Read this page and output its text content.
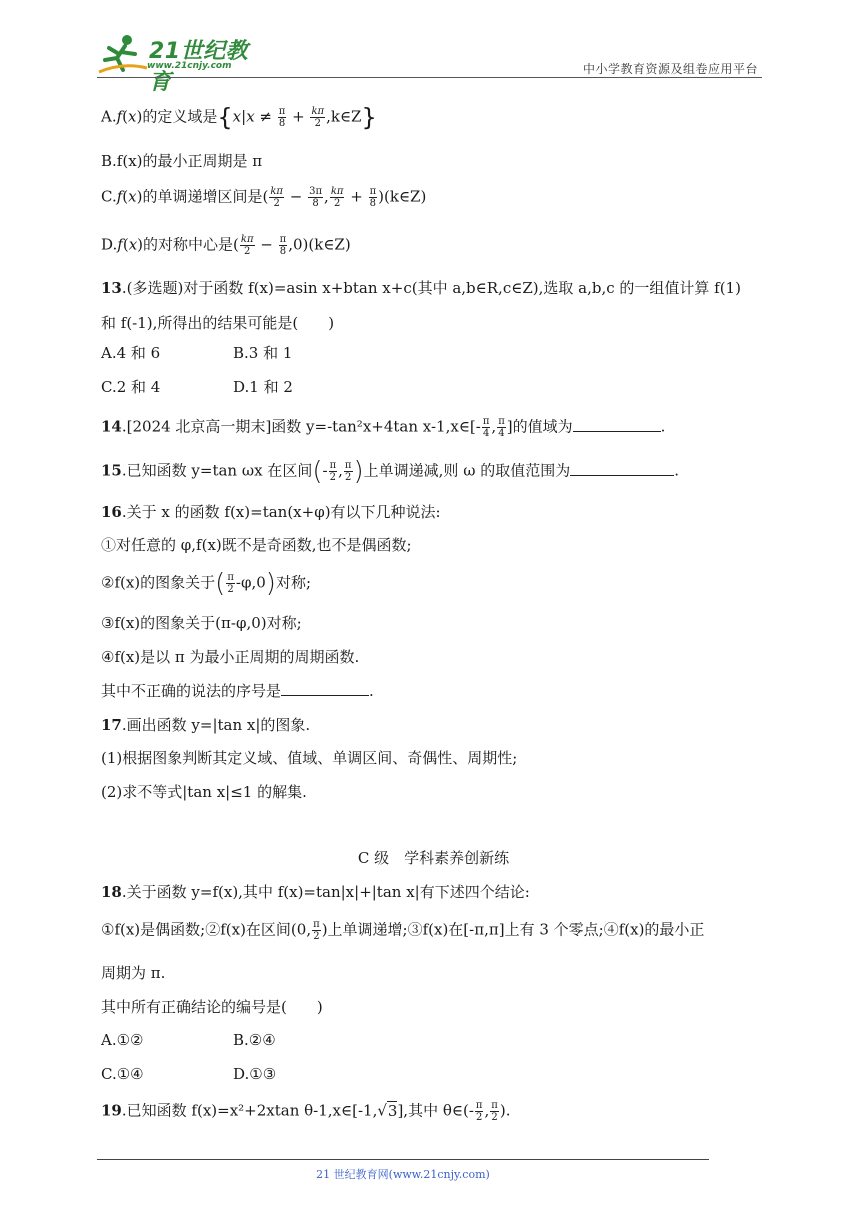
21世纪教育
www.21cnjy.com	中小学教育资源及组卷应用平台
A.f(x)的定义域是{$x|x \ne \frac{\pi}{8} + \frac{k\pi}{2}$ ,k∈Z}
B.f(x)的最小正周期是 π
C.f(x)的单调递增区间是( $\frac{k\pi}{2} - \frac{3\pi}{8}$ , $\frac{k\pi}{2} + \frac{\pi}{8}$ )(k∈Z)
D.f(x)的对称中心是( $\frac{k\pi}{2} - \frac{\pi}{8}$ ,0)(k∈Z)
13.(多选题)对于函数 f(x)=asin x+btan x+c(其中 a,b∈R,c∈Z),选取 a,b,c 的一组值计算 f(1)
和 f(-1),所得出的结果可能是(　　)
A.4 和 6	B.3 和 1
C.2 和 4	D.1 和 2
14.[2024 北京高一期末]函数 y=-tan²x+4tan x-1,x∈[- $\frac{\pi}{4}$ , $\frac{\pi}{4}$ ]的值域为	.
15.已知函数 y=tan ωx 在区间(- $\frac{\pi}{2}$ , $\frac{\pi}{2}$ )上单调递减,则 ω 的取值范围为	.
16.关于 x 的函数 f(x)=tan(x+φ)有以下几种说法:
①对任意的 φ,f(x)既不是奇函数,也不是偶函数;
②f(x)的图象关于( $\frac{\pi}{2} -\varphi,0$)对称;
③f(x)的图象关于(π-φ,0)对称;
④f(x)是以 π 为最小正周期的周期函数.
其中不正确的说法的序号是	.
17.画出函数 y=|tan x|的图象.
(1)根据图象判断其定义域、值域、单调区间、奇偶性、周期性;
(2)求不等式|tan x|≤1 的解集.
C 级　学科素养创新练
18.关于函数 y=f(x),其中 f(x)=tan|x|+|tan x|有下述四个结论:
①f(x)是偶函数;②f(x)在区间(0, $\frac{\pi}{2}$ )上单调递增;③f(x)在[-π,π]上有 3 个零点;④f(x)的最小正
周期为 π.
其中所有正确结论的编号是(　　)
A.①②	B.②④
C.①④	D.①③
19.已知函数 f(x)=x²+2xtan θ-1,x∈[-1,√3],其中 θ∈(- $\frac{\pi}{2}$ , $\frac{\pi}{2}$ ).
21 世纪教育网(www.21cnjy.com)
